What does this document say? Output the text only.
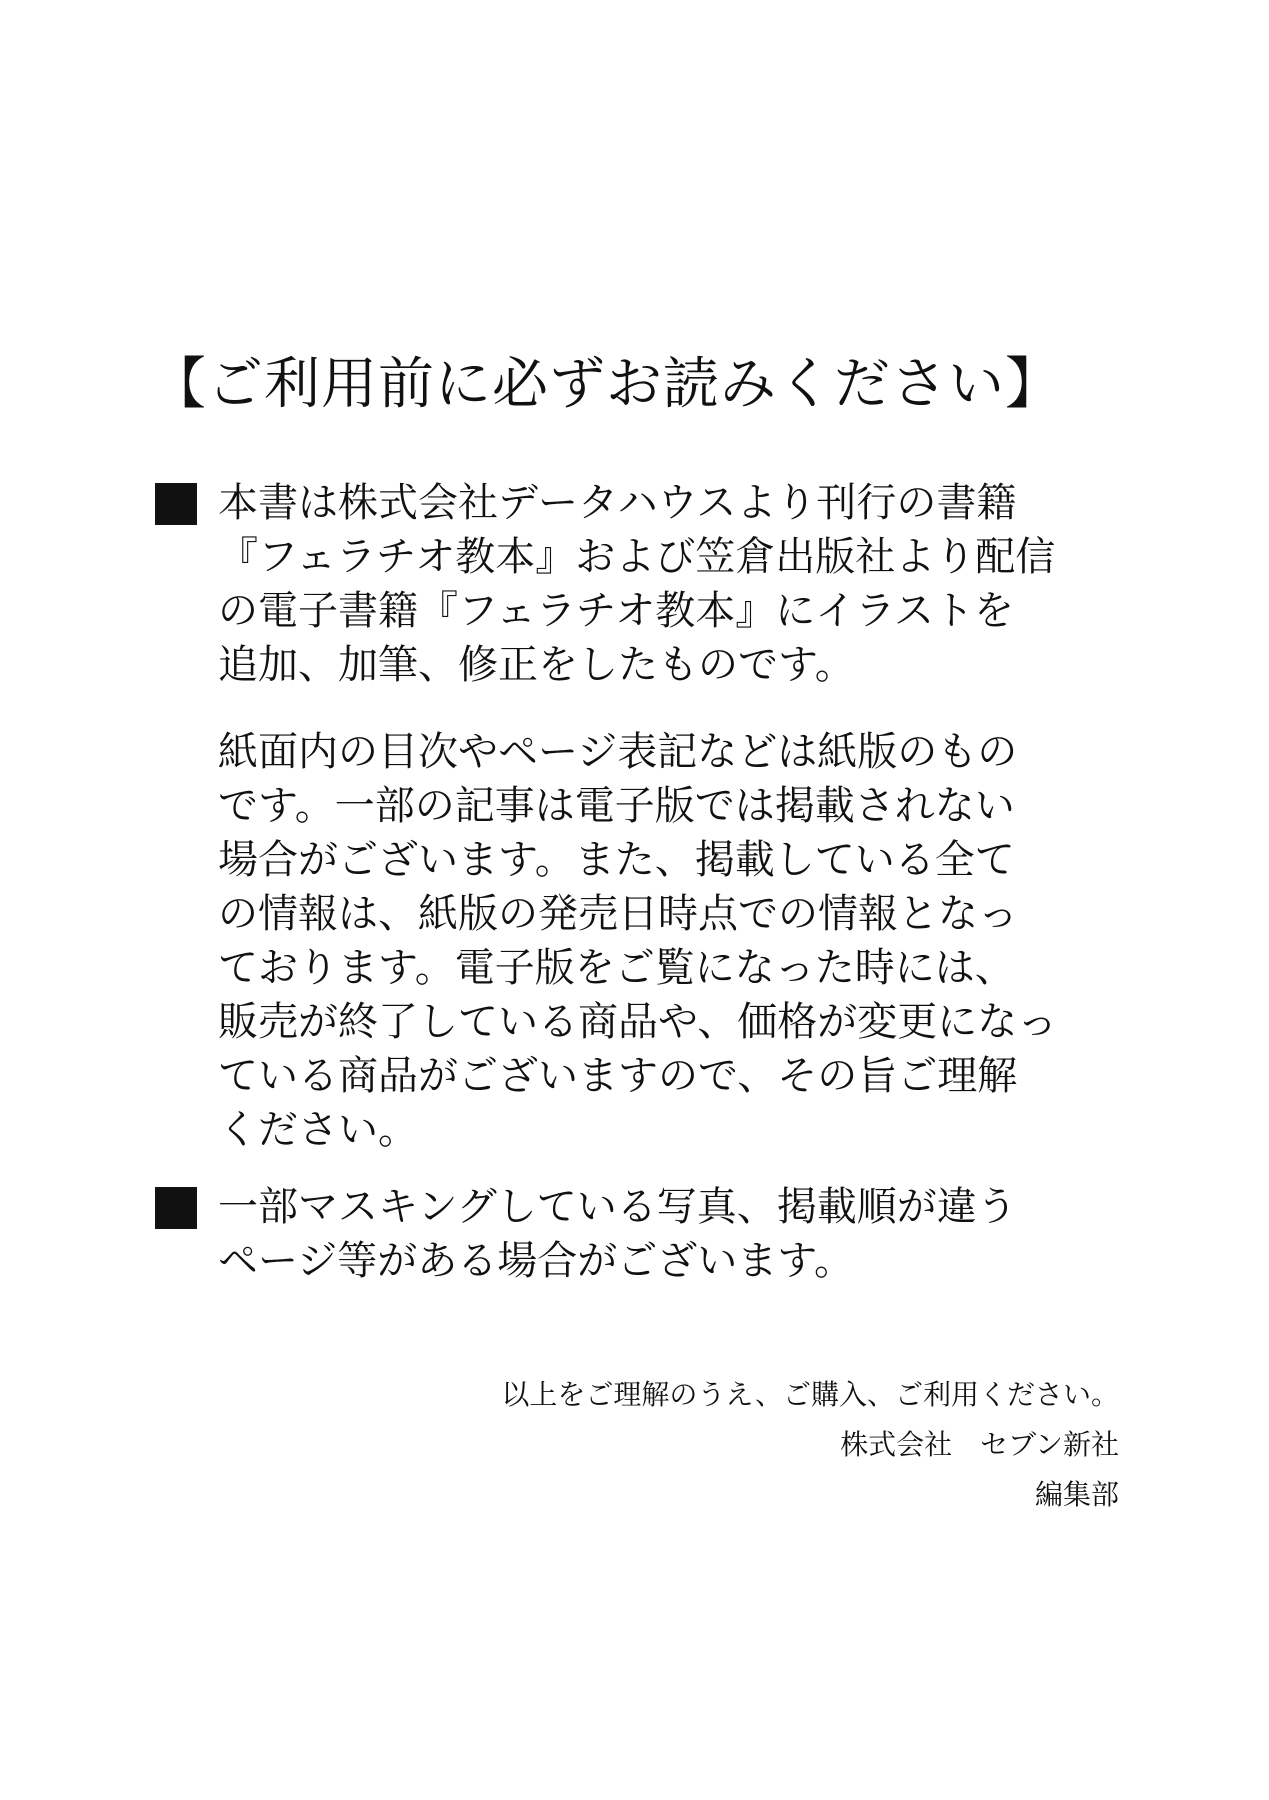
【ご利用前に必ずお読みください】
本書は株式会社データハウスより刊行の書籍
『フェラチオ教本』および笠倉出版社より配信
の電子書籍『フェラチオ教本』にイラストを
追加、加筆、修正をしたものです。
紙面内の目次やページ表記などは紙版のもの
です。一部の記事は電子版では掲載されない
場合がございます。また、掲載している全て
の情報は、紙版の発売日時点での情報となっ
ております。電子版をご覧になった時には、
販売が終了している商品や、価格が変更になっ
ている商品がございますので、その旨ご理解
ください。
一部マスキングしている写真、掲載順が違う
ページ等がある場合がございます。
以上をご理解のうえ、ご購入、ご利用ください。
株式会社　セブン新社
編集部
